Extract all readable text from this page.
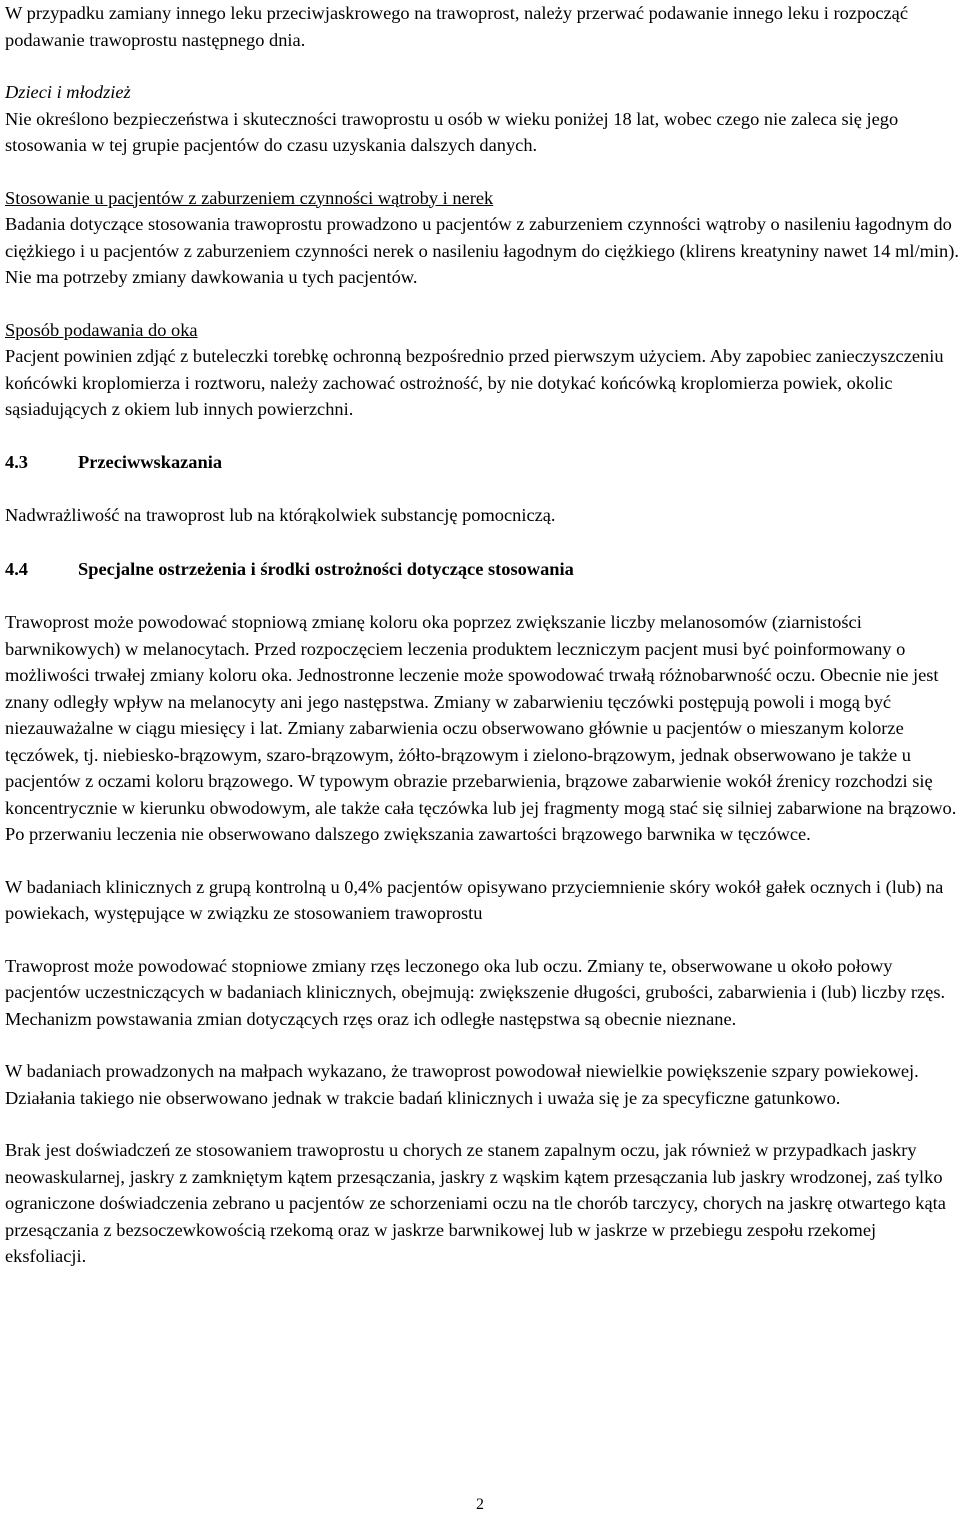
W przypadku zamiany innego leku przeciwjaskrowego na trawoprost, należy przerwać podawanie innego leku i rozpocząć podawanie trawoprostu następnego dnia.

Dzieci i młodzież

Nie określono bezpieczeństwa i skuteczności trawoprostu u osób w wieku poniżej 18 lat, wobec czego nie zaleca się jego stosowania w tej grupie pacjentów do czasu uzyskania dalszych danych.

Stosowanie u pacjentów z zaburzeniem czynności wątroby i nerek

Badania dotyczące stosowania trawoprostu prowadzono u pacjentów z zaburzeniem czynności wątroby o nasileniu łagodnym do ciężkiego i u pacjentów z zaburzeniem czynności nerek o nasileniu łagodnym do ciężkiego (klirens kreatyniny nawet 14 ml/min). Nie ma potrzeby zmiany dawkowania u tych pacjentów.

Sposób podawania do oka

Pacjent powinien zdjąć z buteleczki torebkę ochronną bezpośrednio przed pierwszym użyciem. Aby zapobiec zanieczyszczeniu końcówki kroplomierza i roztworu, należy zachować ostrożność, by nie dotykać końcówką kroplomierza powiek, okolic sąsiadujących z okiem lub innych powierzchni.

4.3	Przeciwwskazania

Nadwrażliwość na trawoprost lub na którąkolwiek substancję pomocniczą.

4.4	Specjalne ostrzeżenia i środki ostrożności dotyczące stosowania

Trawoprost może powodować stopniową zmianę koloru oka poprzez zwiększanie liczby melanosomów (ziarnistości barwnikowych) w melanocytach. Przed rozpoczęciem leczenia produktem leczniczym pacjent musi być poinformowany o możliwości trwałej zmiany koloru oka. Jednostronne leczenie może spowodować trwałą różnobarwność oczu. Obecnie nie jest znany odległy wpływ na melanocyty ani jego następstwa. Zmiany w zabarwieniu tęczówki postępują powoli i mogą być niezauważalne w ciągu miesięcy i lat. Zmiany zabarwienia oczu obserwowano głównie u pacjentów o mieszanym kolorze tęczówek, tj. niebiesko-brązowym, szaro-brązowym, żółto-brązowym i zielono-brązowym, jednak obserwowano je także u pacjentów z oczami koloru brązowego. W typowym obrazie przebarwienia, brązowe zabarwienie wokół źrenicy rozchodzi się koncentrycznie w kierunku obwodowym, ale także cała tęczówka lub jej fragmenty mogą stać się silniej zabarwione na brązowo. Po przerwaniu leczenia nie obserwowano dalszego zwiększania zawartości brązowego barwnika w tęczówce.

W badaniach klinicznych z grupą kontrolną u 0,4% pacjentów opisywano przyciemnienie skóry wokół gałek ocznych i (lub) na powiekach, występujące w związku ze stosowaniem trawoprostu

Trawoprost może powodować stopniowe zmiany rzęs leczonego oka lub oczu. Zmiany te, obserwowane u około połowy pacjentów uczestniczących w badaniach klinicznych, obejmują: zwiększenie długości, grubości, zabarwienia i (lub) liczby rzęs. Mechanizm powstawania zmian dotyczących rzęs oraz ich odległe następstwa są obecnie nieznane.

W badaniach prowadzonych na małpach wykazano, że trawoprost powodował niewielkie powiększenie szpary powiekowej. Działania takiego nie obserwowano jednak w trakcie badań klinicznych i uważa się je za specyficzne gatunkowo.

Brak jest doświadczeń ze stosowaniem trawoprostu u chorych ze stanem zapalnym oczu, jak również w przypadkach jaskry neowaskularnej, jaskry z zamkniętym kątem przesączania, jaskry z wąskim kątem przesączania lub jaskry wrodzonej, zaś tylko ograniczone doświadczenia zebrano u pacjentów ze schorzeniami oczu na tle chorób tarczycy, chorych na jaskrę otwartego kąta przesączania z bezsoczewkowością rzekomą oraz w jaskrze barwnikowej lub w jaskrze w przebiegu zespołu rzekomej eksfoliacji.

2
